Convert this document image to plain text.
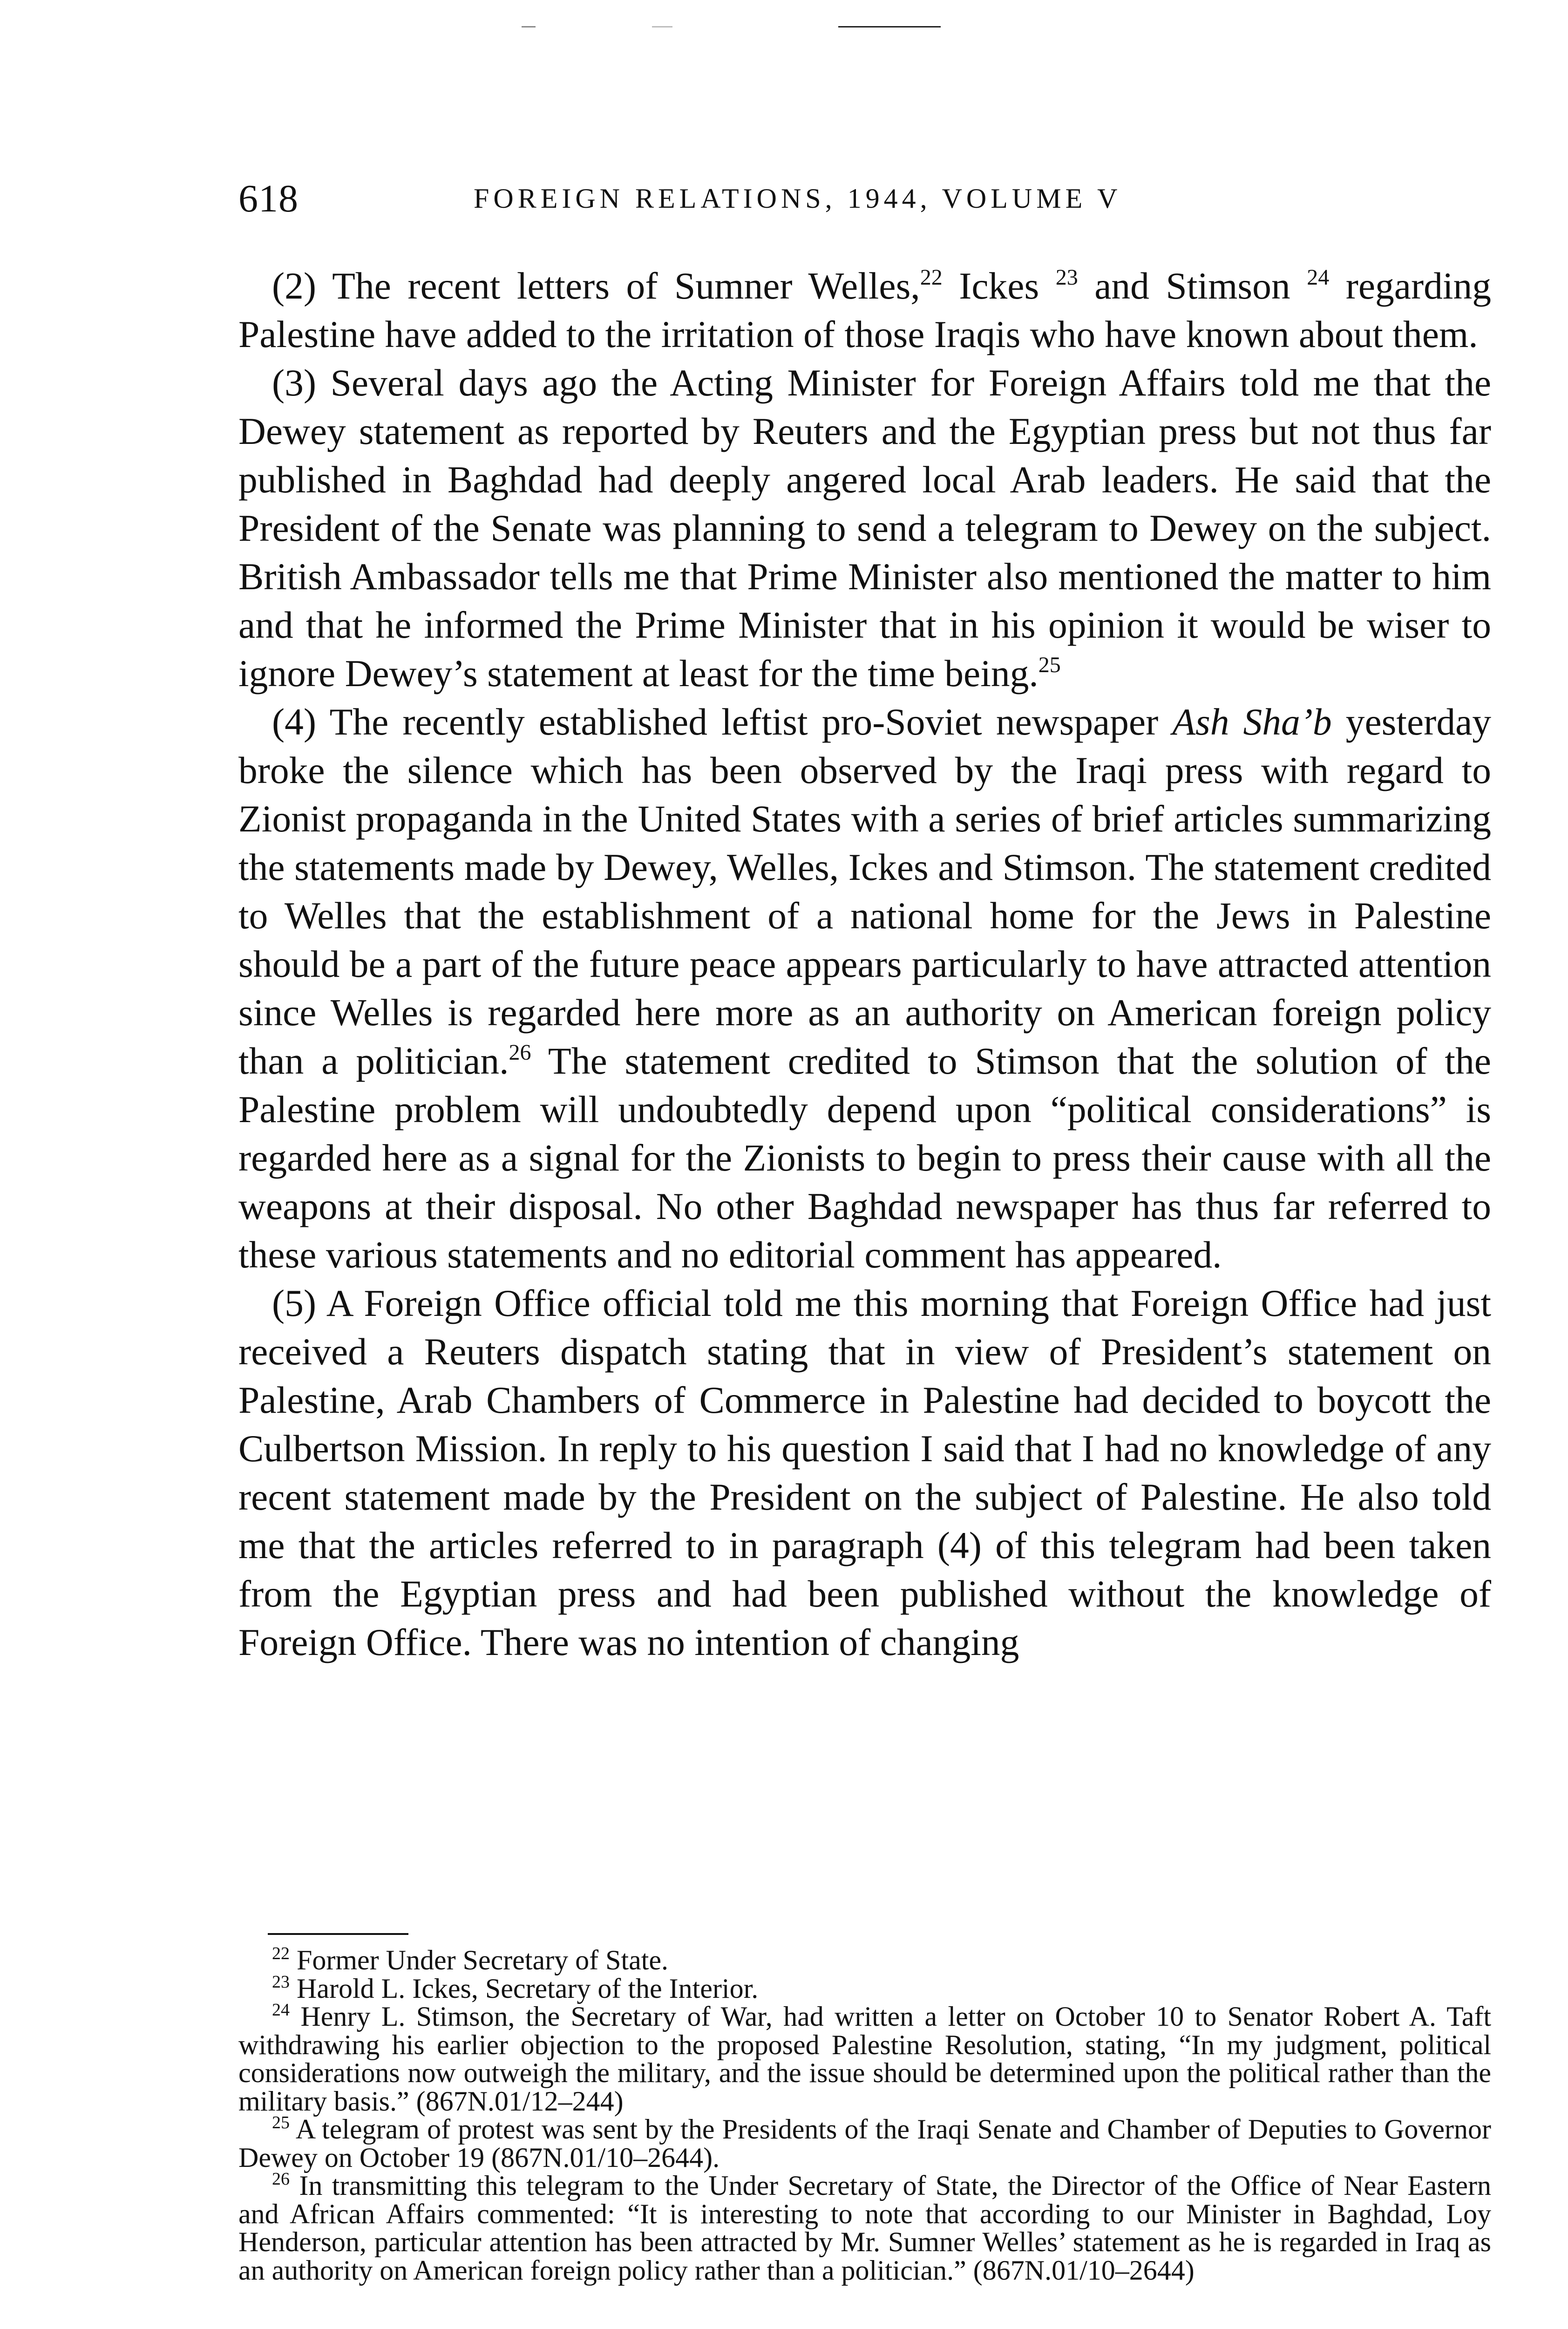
618	FOREIGN RELATIONS, 1944, VOLUME V

(2) The recent letters of Sumner Welles,$^{22}$ Ickes $^{23}$ and Stimson $^{24}$ regarding Palestine have added to the irritation of those Iraqis who have known about them.

(3) Several days ago the Acting Minister for Foreign Affairs told me that the Dewey statement as reported by Reuters and the Egyptian press but not thus far published in Baghdad had deeply angered local Arab leaders. He said that the President of the Senate was planning to send a telegram to Dewey on the subject. British Ambassador tells me that Prime Minister also mentioned the matter to him and that he informed the Prime Minister that in his opinion it would be wiser to ignore Dewey’s statement at least for the time being.$^{25}$

(4) The recently established leftist pro-Soviet newspaper Ash Sha’b yesterday broke the silence which has been observed by the Iraqi press with regard to Zionist propaganda in the United States with a series of brief articles summarizing the statements made by Dewey, Welles, Ickes and Stimson. The statement credited to Welles that the establishment of a national home for the Jews in Palestine should be a part of the future peace appears particularly to have attracted attention since Welles is regarded here more as an authority on American foreign policy than a politician.$^{26}$ The statement credited to Stimson that the solution of the Palestine problem will undoubtedly depend upon “political considerations” is regarded here as a signal for the Zionists to begin to press their cause with all the weapons at their disposal. No other Baghdad newspaper has thus far referred to these various statements and no editorial comment has appeared.

(5) A Foreign Office official told me this morning that Foreign Office had just received a Reuters dispatch stating that in view of President’s statement on Palestine, Arab Chambers of Commerce in Palestine had decided to boycott the Culbertson Mission. In reply to his question I said that I had no knowledge of any recent statement made by the President on the subject of Palestine. He also told me that the articles referred to in paragraph (4) of this telegram had been taken from the Egyptian press and had been published without the knowledge of Foreign Office. There was no intention of changing

$^{22}$ Former Under Secretary of State.

$^{23}$ Harold L. Ickes, Secretary of the Interior.

$^{24}$ Henry L. Stimson, the Secretary of War, had written a letter on October 10 to Senator Robert A. Taft withdrawing his earlier objection to the proposed Palestine Resolution, stating, “In my judgment, political considerations now outweigh the military, and the issue should be determined upon the political rather than the military basis.” (867N.01/12–244)

$^{25}$ A telegram of protest was sent by the Presidents of the Iraqi Senate and Chamber of Deputies to Governor Dewey on October 19 (867N.01/10–2644).

$^{26}$ In transmitting this telegram to the Under Secretary of State, the Director of the Office of Near Eastern and African Affairs commented: “It is interesting to note that according to our Minister in Baghdad, Loy Henderson, particular attention has been attracted by Mr. Sumner Welles’ statement as he is regarded in Iraq as an authority on American foreign policy rather than a politician.” (867N.01/10–2644)
